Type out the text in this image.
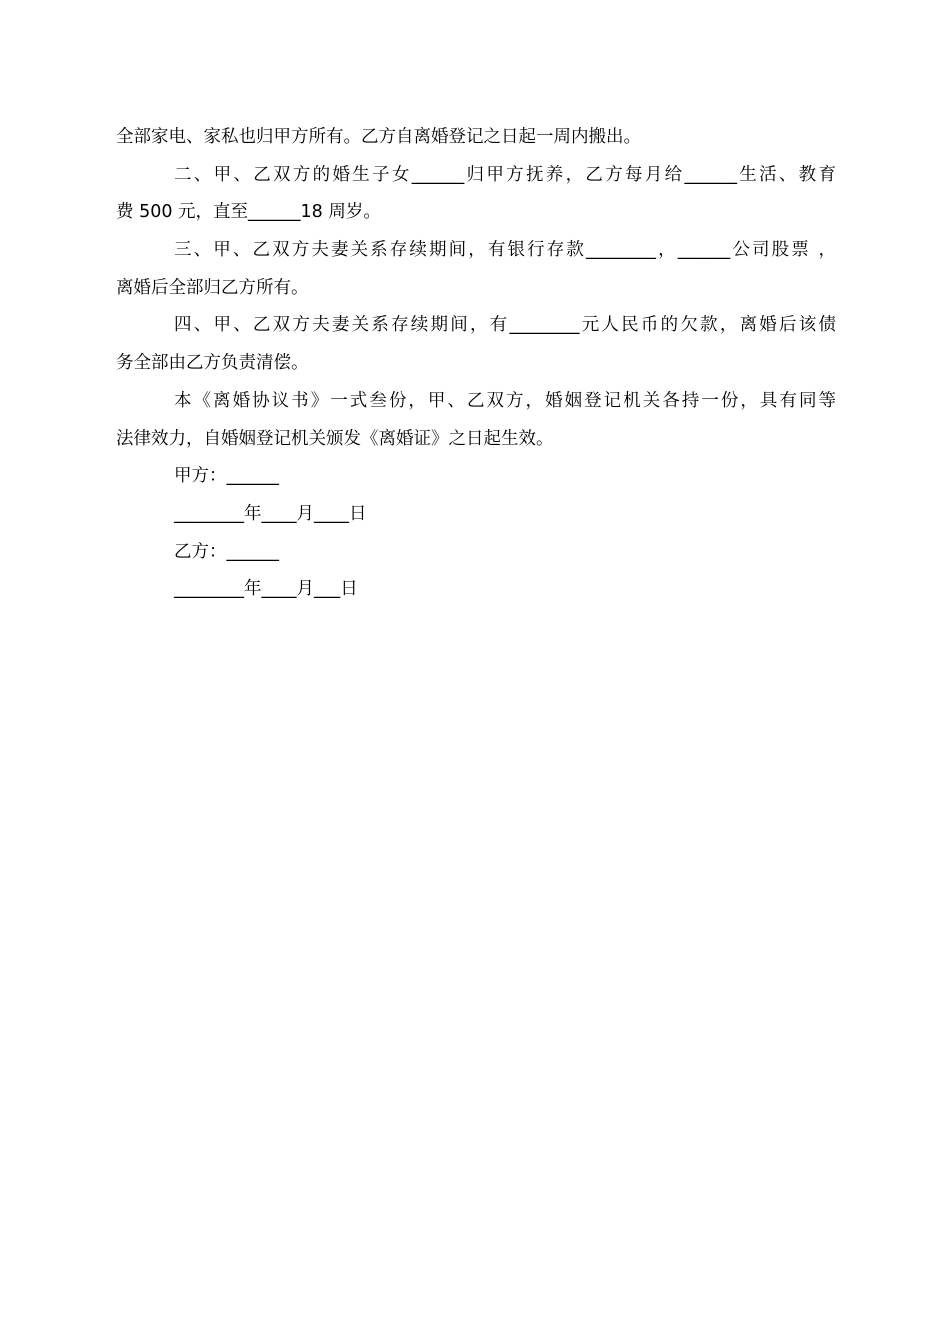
全部家电、家私也归甲方所有。乙方自离婚登记之日起一周内搬出。
二、甲、乙双方的婚生子女______归甲方抚养，乙方每月给______生活、教育
费 500 元，直至______18 周岁。
三、甲、乙双方夫妻关系存续期间，有银行存款________，______公司股票 ，
离婚后全部归乙方所有。
四、甲、乙双方夫妻关系存续期间，有________元人民币的欠款，离婚后该债
务全部由乙方负责清偿。
本《离婚协议书》一式叁份，甲、乙双方，婚姻登记机关各持一份，具有同等
法律效力，自婚姻登记机关颁发《离婚证》之日起生效。
甲方：______
________年____月____日
乙方：______
________年____月___日
